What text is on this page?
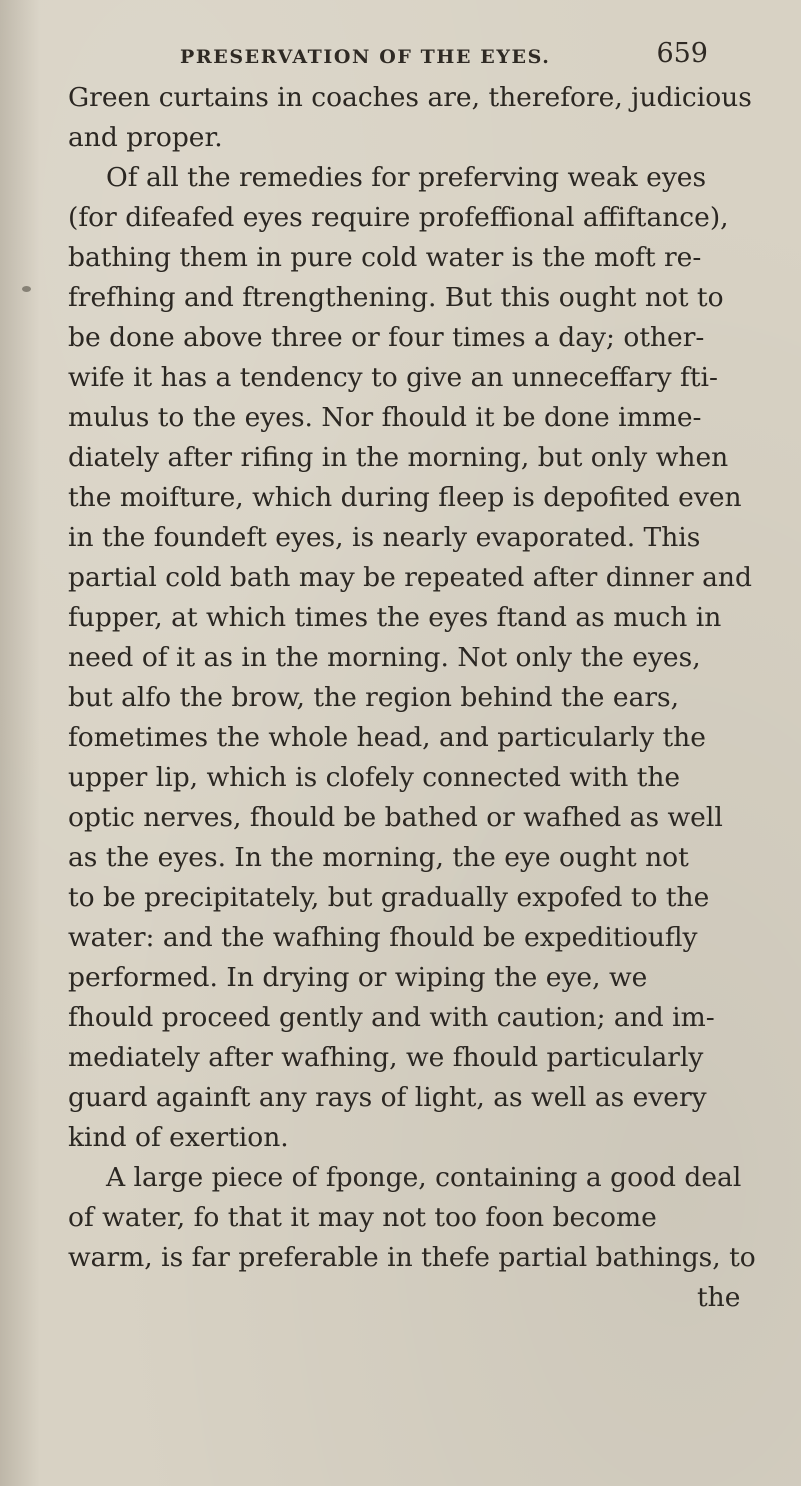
PRESERVATION OF THE EYES.	659
Green curtains in coaches are, therefore, judicious
and proper.
Of all the remedies for preferving weak eyes
(for difeafed eyes require profeffional affiftance),
bathing them in pure cold water is the moft re-
frefhing and ftrengthening. But this ought not to
be done above three or four times a day; other-
wife it has a tendency to give an unneceffary fti-
mulus to the eyes. Nor fhould it be done imme-
diately after rifing in the morning, but only when
the moifture, which during fleep is depofited even
in the foundeft eyes, is nearly evaporated. This
partial cold bath may be repeated after dinner and
fupper, at which times the eyes ftand as much in
need of it as in the morning. Not only the eyes,
but alfo the brow, the region behind the ears,
fometimes the whole head, and particularly the
upper lip, which is clofely connected with the
optic nerves, fhould be bathed or wafhed as well
as the eyes. In the morning, the eye ought not
to be precipitately, but gradually expofed to the
water: and the wafhing fhould be expeditioufly
performed. In drying or wiping the eye, we
fhould proceed gently and with caution; and im-
mediately after wafhing, we fhould particularly
guard againft any rays of light, as well as every
kind of exertion.
A large piece of fponge, containing a good deal
of water, fo that it may not too foon become
warm, is far preferable in thefe partial bathings, to
the
